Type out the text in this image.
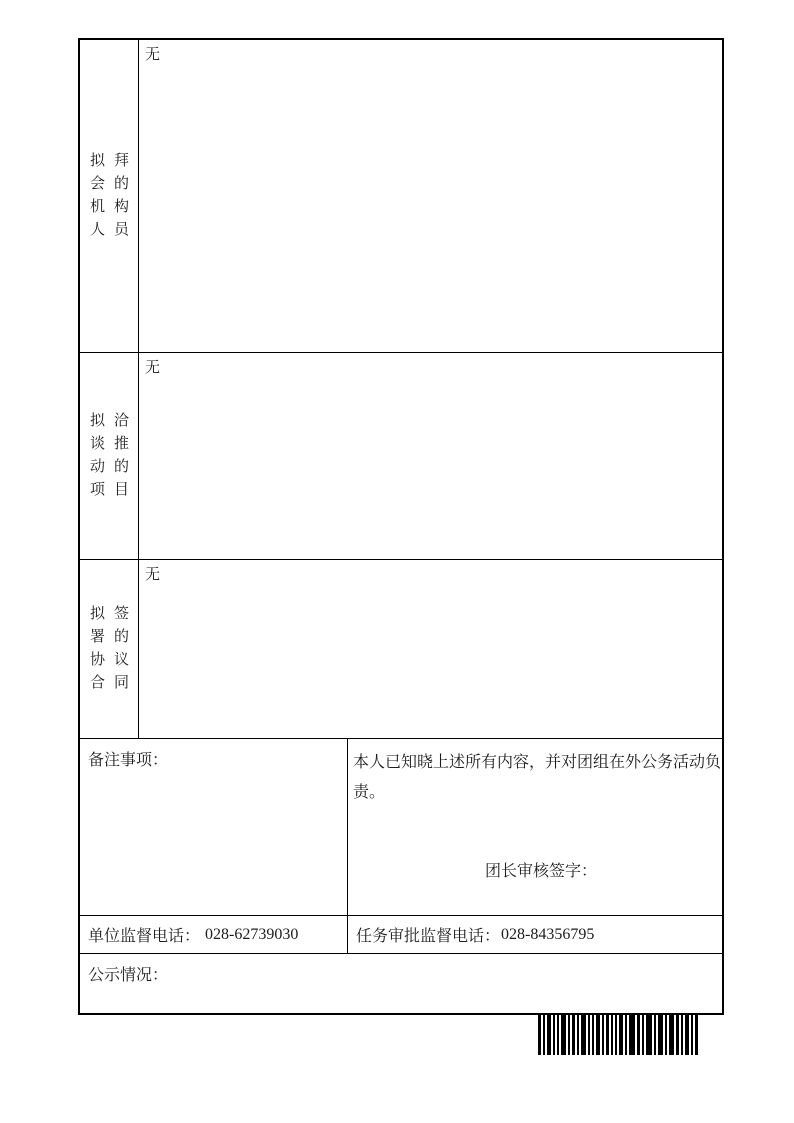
拟拜会的机构人员
无
拟洽谈推动的项目
无
拟签署的协议合同
无
备注事项：	本人已知晓上述所有内容，并对团组在外公务活动负责。
团长审核签字：
单位监督电话： 028-62739030	任务审批监督电话： 028-84356795
公示情况：
